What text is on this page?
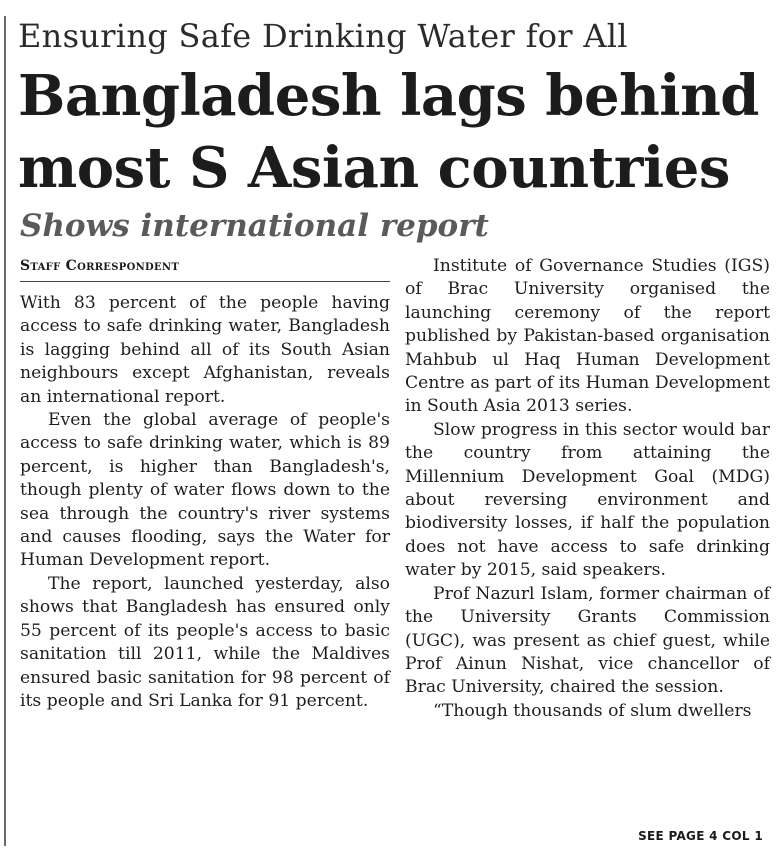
Ensuring Safe Drinking Water for All
Bangladesh lags behind
most S Asian countries
Shows international report
Staff Correspondent

With 83 percent of the people having access to safe drinking water, Bangladesh is lagging behind all of its South Asian neighbours except Afghanistan, reveals an international report.

Even the global average of people's access to safe drinking water, which is 89 percent, is higher than Bangladesh's, though plenty of water flows down to the sea through the country's river systems and causes flooding, says the Water for Human Development report.

The report, launched yesterday, also shows that Bangladesh has ensured only 55 percent of its people's access to basic sanitation till 2011, while the Maldives ensured basic sanitation for 98 percent of its people and Sri Lanka for 91 percent.

Institute of Governance Studies (IGS) of Brac University organised the launching ceremony of the report published by Pakistan-based organisation Mahbub ul Haq Human Development Centre as part of its Human Development in South Asia 2013 series.

Slow progress in this sector would bar the country from attaining the Millennium Development Goal (MDG) about reversing environment and biodiversity losses, if half the population does not have access to safe drinking water by 2015, said speakers.

Prof Nazurl Islam, former chairman of the University Grants Commission (UGC), was present as chief guest, while Prof Ainun Nishat, vice chancellor of Brac University, chaired the session.

“Though thousands of slum dwellers

SEE PAGE 4 COL 1
